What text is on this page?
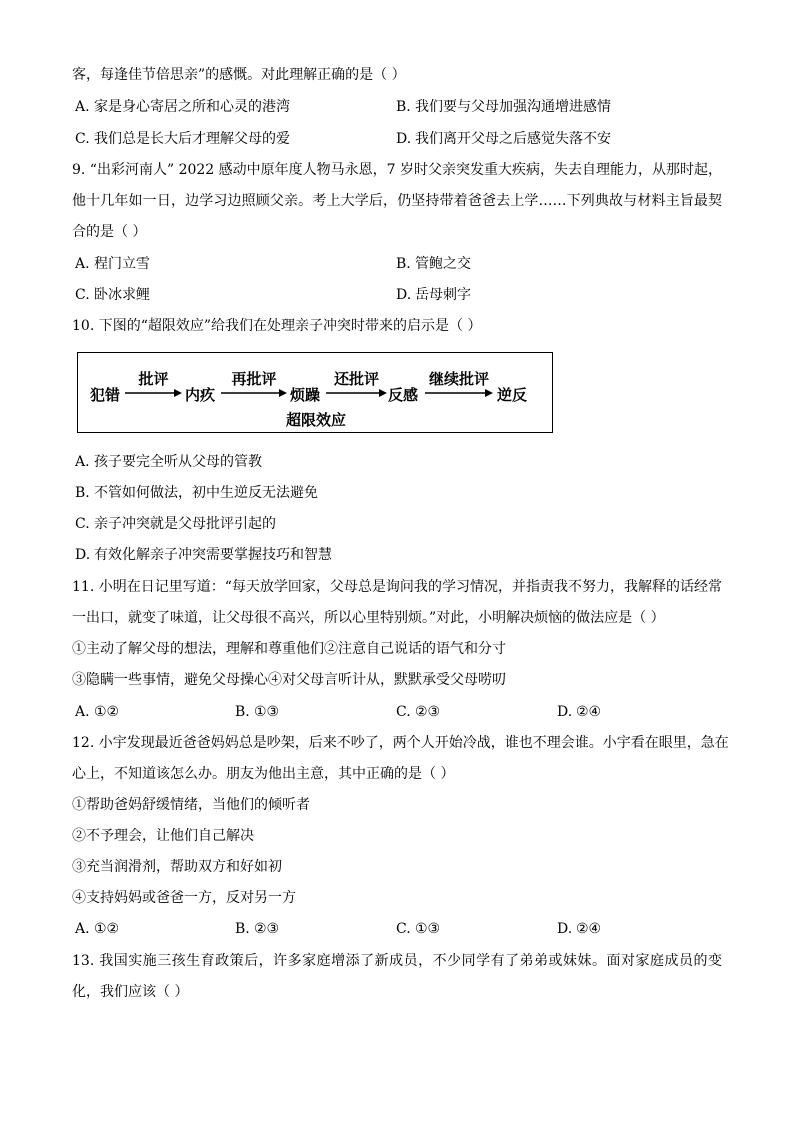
客，每逢佳节倍思亲”的感慨。对此理解正确的是（ ）
A. 家是身心寄居之所和心灵的港湾	B. 我们要与父母加强沟通增进感情
C. 我们总是长大后才理解父母的爱	D. 我们离开父母之后感觉失落不安
9. “出彩河南人” 2022 感动中原年度人物马永恩，7 岁时父亲突发重大疾病，失去自理能力，从那时起，
他十几年如一日，边学习边照顾父亲。考上大学后，仍坚持带着爸爸去上学……下列典故与材料主旨最契
合的是（ ）
A. 程门立雪	B. 管鲍之交
C. 卧冰求鲤	D. 岳母刺字
10. 下图的“超限效应”给我们在处理亲子冲突时带来的启示是（ ）
犯错
批评
内疚
再批评
烦躁
还批评
反感
继续批评
逆反
超限效应
A. 孩子要完全听从父母的管教
B. 不管如何做法，初中生逆反无法避免
C. 亲子冲突就是父母批评引起的
D. 有效化解亲子冲突需要掌握技巧和智慧
11. 小明在日记里写道：“每天放学回家，父母总是询问我的学习情况，并指责我不努力，我解释的话经常
一出口，就变了味道，让父母很不高兴，所以心里特别烦。”对此，小明解决烦恼的做法应是（ ）
①主动了解父母的想法，理解和尊重他们②注意自己说话的语气和分寸
③隐瞒一些事情，避免父母操心④对父母言听计从，默默承受父母唠叨
A. ①②	B. ①③	C. ②③	D. ②④
12. 小宇发现最近爸爸妈妈总是吵架，后来不吵了，两个人开始冷战，谁也不理会谁。小宇看在眼里，急在
心上，不知道该怎么办。朋友为他出主意，其中正确的是（ ）
①帮助爸妈舒缓情绪，当他们的倾听者
②不予理会，让他们自己解决
③充当润滑剂，帮助双方和好如初
④支持妈妈或爸爸一方，反对另一方
A. ①②	B. ②③	C. ①③	D. ②④
13. 我国实施三孩生育政策后，许多家庭增添了新成员，不少同学有了弟弟或妹妹。面对家庭成员的变
化，我们应该（ ）
